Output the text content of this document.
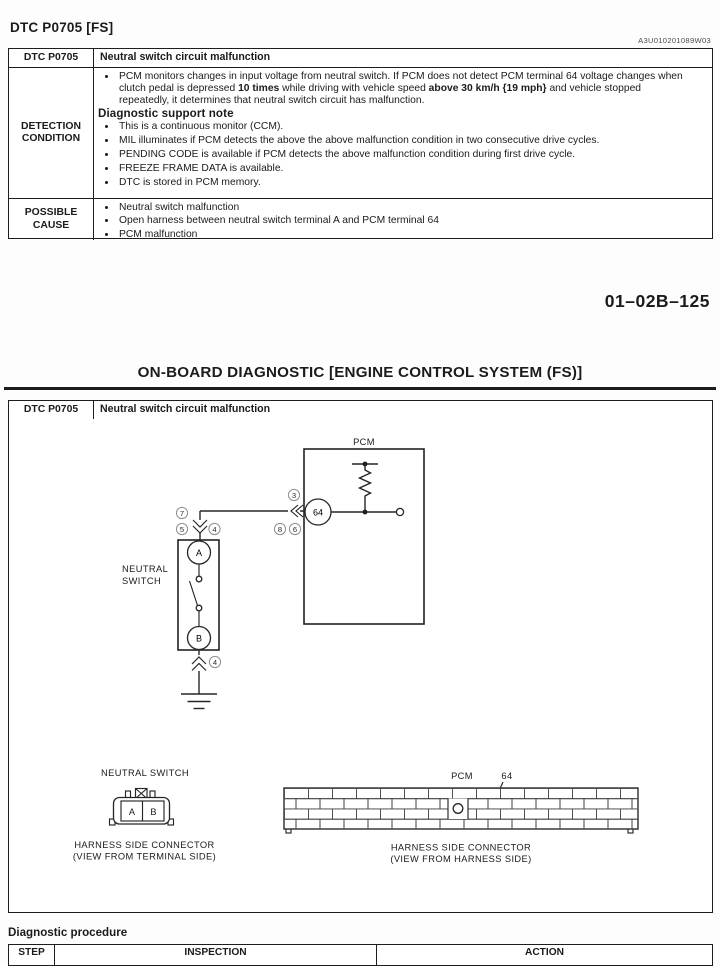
DTC P0705 [FS]
A3U010201089W03
DTC P0705	Neutral switch circuit malfunction
DETECTION
CONDITION
• PCM monitors changes in input voltage from neutral switch. If PCM does not detect PCM terminal 64 voltage changes when clutch pedal is depressed 10 times while driving with vehicle speed above 30 km/h {19 mph} and vehicle stopped repeatedly, it determines that neutral switch circuit has malfunction.
Diagnostic support note
• This is a continuous monitor (CCM).
• MIL illuminates if PCM detects the above the above malfunction condition in two consecutive drive cycles.
• PENDING CODE is available if PCM detects the above malfunction condition during first drive cycle.
• FREEZE FRAME DATA is available.
• DTC is stored in PCM memory.
POSSIBLE
CAUSE
• Neutral switch malfunction
• Open harness between neutral switch terminal A and PCM terminal 64
• PCM malfunction
01–02B–125
ON-BOARD DIAGNOSTIC [ENGINE CONTROL SYSTEM (FS)]
DTC P0705	Neutral switch circuit malfunction
PCM
64
3
8 6
7
5	4
NEUTRAL
SWITCH
A
B
4
NEUTRAL SWITCH
A B
HARNESS SIDE CONNECTOR
(VIEW FROM TERMINAL SIDE)
PCM	64
HARNESS SIDE CONNECTOR
(VIEW FROM HARNESS SIDE)
Diagnostic procedure
STEP	INSPECTION	ACTION
